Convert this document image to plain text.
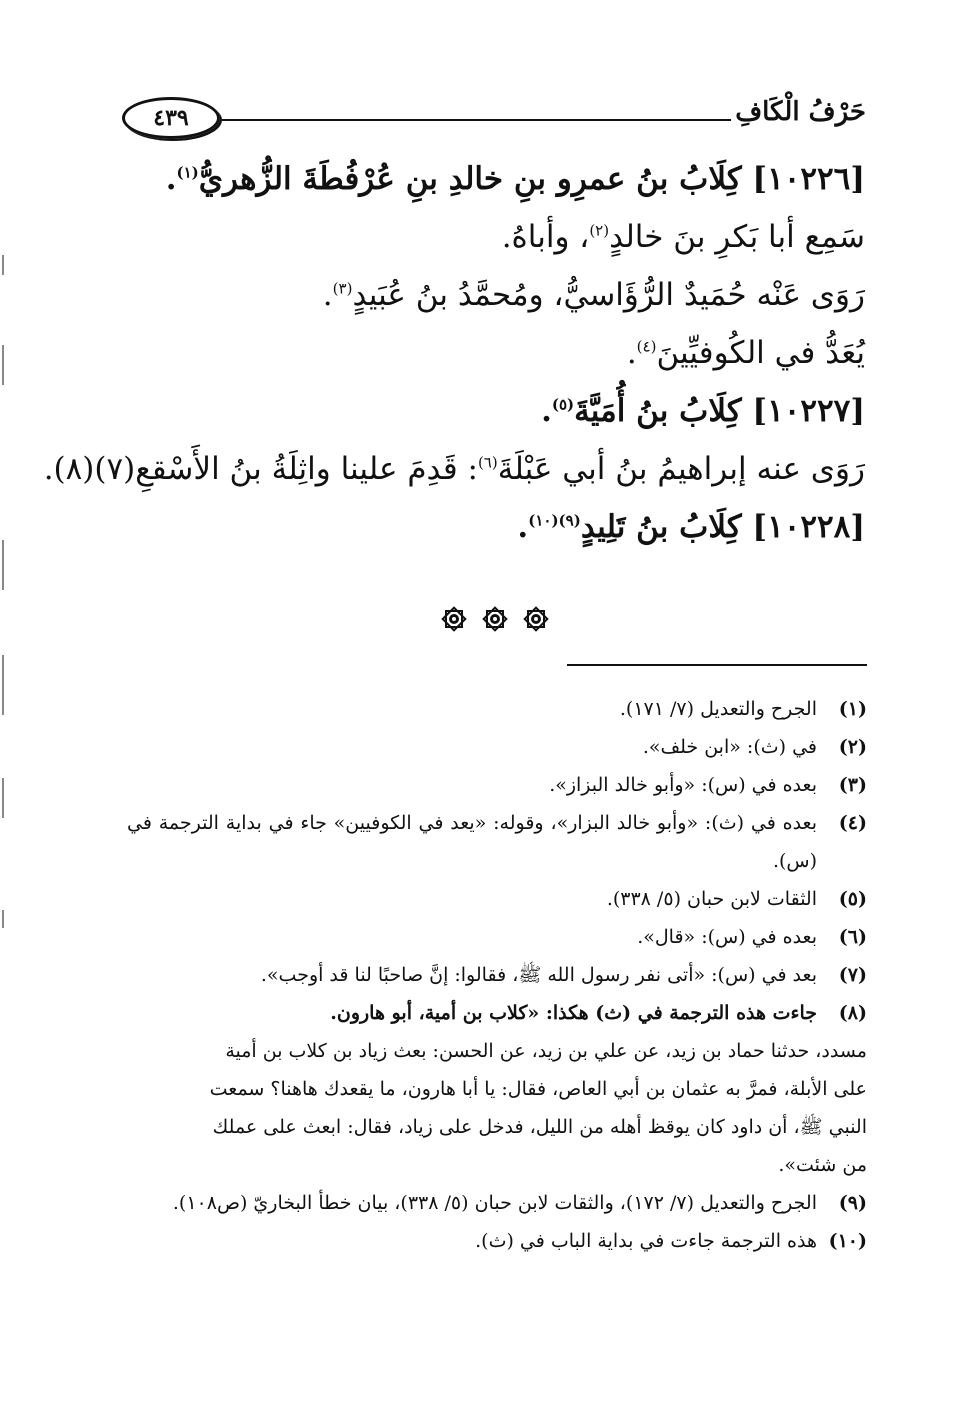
٤٣٩	حَرْفُ الْكَافِ
[١٠٢٢٦] كِلَابُ بنُ عمرِو بنِ خالدِ بنِ عُرْفُطَةَ الزُّهريُّ$^{(١)}$.
سَمِع أبا بَكرِ بنَ خالدٍ$^{(٢)}$، وأباهُ.
رَوَى عَنْه حُمَيدٌ الرُّؤَاسيُّ، ومُحمَّدُ بنُ عُبَيدٍ$^{(٣)}$.
يُعَدُّ في الكُوفيِّينَ$^{(٤)}$.
[١٠٢٢٧] كِلَابُ بنُ أُمَيَّةَ$^{(٥)}$.
رَوَى عنه إبراهيمُ بنُ أبي عَبْلَةَ$^{(٦)}$: قَدِمَ علينا واثِلَةُ بنُ الأَسْقعِ(٧)(٨).
[١٠٢٢٨] كِلَابُ بنُ تَلِيدٍ$^{(٩)(١٠)}$.
(١)
الجرح والتعديل (٧/ ١٧١).
(٢)
في (ث): «ابن خلف».
(٣)
بعده في (س): «وأبو خالد البزاز».
(٤)
بعده في (ث): «وأبو خالد البزار»، وقوله: «يعد في الكوفيين» جاء في بداية الترجمة في (س).
(٥)
الثقات لابن حبان (٥/ ٣٣٨).
(٦)
بعده في (س): «قال».
(٧)
بعد في (س): «أتى نفر رسول الله ﷺ، فقالوا: إنَّ صاحبًا لنا قد أوجب».
(٨)
جاءت هذه الترجمة في (ث) هكذا: «كلاب بن أمية، أبو هارون.
مسدد، حدثنا حماد بن زيد، عن علي بن زيد، عن الحسن: بعث زياد بن كلاب بن أمية
على الأبلة، فمرَّ به عثمان بن أبي العاص، فقال: يا أبا هارون، ما يقعدك هاهنا؟ سمعت
النبي ﷺ، أن داود كان يوقظ أهله من الليل، فدخل على زياد، فقال: ابعث على عملك
من شئت».
(٩)
الجرح والتعديل (٧/ ١٧٢)، والثقات لابن حبان (٥/ ٣٣٨)، بيان خطأ البخاريّ (ص١٠٨).
(١٠)
هذه الترجمة جاءت في بداية الباب في (ث).
